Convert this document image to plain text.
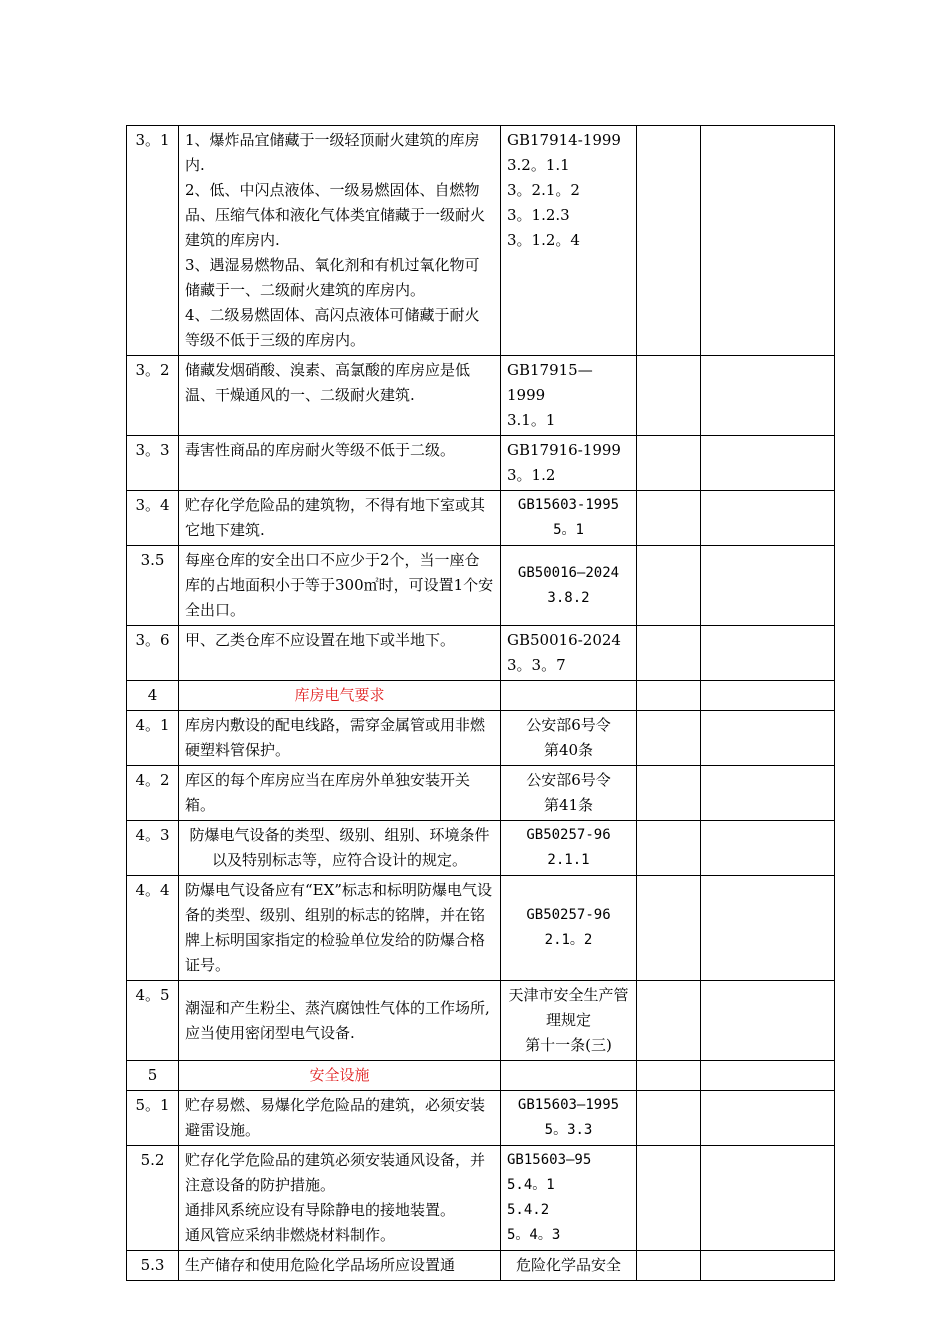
3。1	1、爆炸品宜储藏于一级轻顶耐火建筑的库房内.
2、低、中闪点液体、一级易燃固体、自燃物品、压缩气体和液化气体类宜储藏于一级耐火建筑的库房内.
3、遇湿易燃物品、氧化剂和有机过氧化物可储藏于一、二级耐火建筑的库房内。
4、二级易燃固体、高闪点液体可储藏于耐火等级不低于三级的库房内。	GB17914-1999
3.2。1.1
3。2.1。2
3。1.2.3
3。1.2。4		

3。2	储藏发烟硝酸、溴素、高氯酸的库房应是低温、干燥通风的一、二级耐火建筑.	GB17915—1999
3.1。1		

3。3	毒害性商品的库房耐火等级不低于二级。	GB17916-1999
3。1.2		

3。4	贮存化学危险品的建筑物，不得有地下室或其它地下建筑.	GB15603-1995
5。1		

3.5	每座仓库的安全出口不应少于2个，当一座仓库的占地面积小于等于300㎡时，可设置1个安全出口。	GB50016—2024
3.8.2		

3。6	甲、乙类仓库不应设置在地下或半地下。	GB50016-2024
3。3。7		

4	库房电气要求			
4。1	库房内敷设的配电线路，需穿金属管或用非燃硬塑料管保护。	公安部6号令
第40条		

4。2	库区的每个库房应当在库房外单独安装开关箱。	公安部6号令
第41条		

4。3	防爆电气设备的类型、级别、组别、环境条件以及特别标志等，应符合设计的规定。	GB50257-96
2.1.1		

4。4	防爆电气设备应有“EX”标志和标明防爆电气设备的类型、级别、组别的标志的铭牌，并在铭牌上标明国家指定的检验单位发给的防爆合格证号。	GB50257-96
2.1。2		

4。5	潮湿和产生粉尘、蒸汽腐蚀性气体的工作场所,应当使用密闭型电气设备.	天津市安全生产管理规定
第十一条(三)		

5	安全设施			
5。1	贮存易燃、易爆化学危险品的建筑，必须安装避雷设施。	GB15603—1995
5。3.3		

5.2	贮存化学危险品的建筑必须安装通风设备，并注意设备的防护措施。
通排风系统应设有导除静电的接地装置。
通风管应采纳非燃烧材料制作。	GB15603—95
5.4。1
5.4.2
5。4。3		

5.3	生产储存和使用危险化学品场所应设置通	危险化学品安全		
